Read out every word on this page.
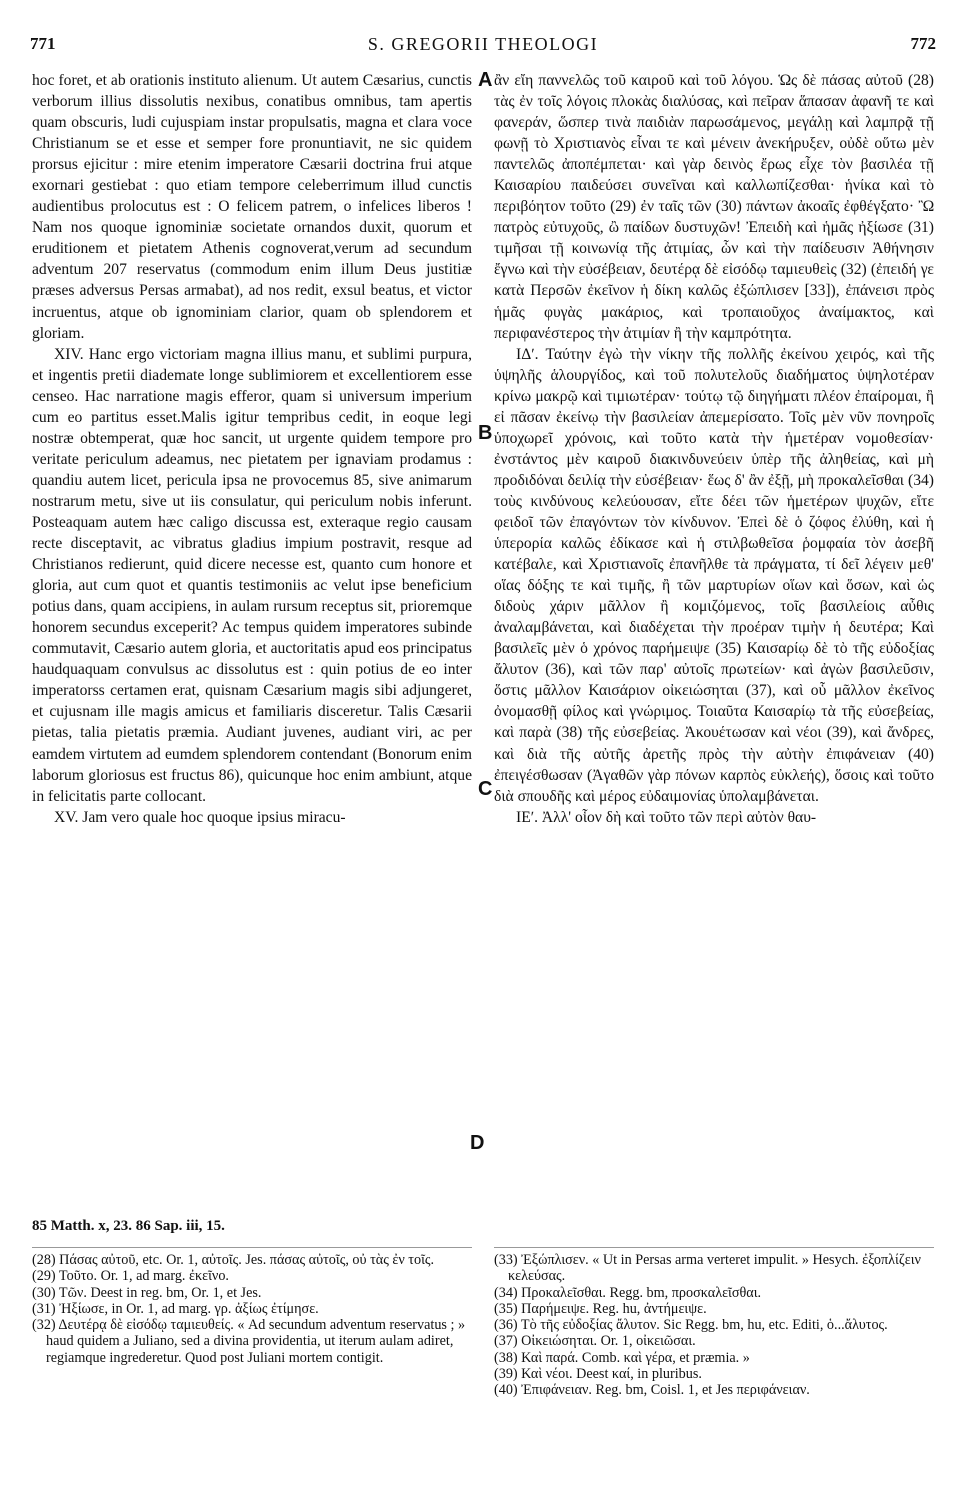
771	S. GREGORII THEOLOGI	772

hoc foret, et ab orationis instituto alienum. Ut autem Cæsarius, cunctis verborum illius dissolutis nexibus, conatibus omnibus, tam apertis quam obscuris, ludi cujuspiam instar propulsatis, magna et clara voce Christianum se et esse et semper fore pronuntiavit, ne sic quidem prorsus ejicitur : mire etenim imperatore Cæsarii doctrina frui atque exornari gestiebat : quo etiam tempore celeberrimum illud cunctis audientibus prolocutus est : O felicem patrem, o infelices liberos ! Nam nos quoque ignominiæ societate ornandos duxit, quorum et eruditionem et pietatem Athenis cognoverat,verum ad secundum adventum 207 reservatus (commodum enim illum Deus justitiæ præses adversus Persas armabat), ad nos redit, exsul beatus, et victor incruentus, atque ob ignominiam clarior, quam ob splendorem et gloriam.

XIV. Hanc ergo victoriam magna illius manu, et sublimi purpura, et ingentis pretii diademate longe sublimiorem et excellentiorem esse censeo. Hac narratione magis efferor, quam si universum imperium cum eo partitus esset.Malis igitur tempribus cedit, in eoque legi nostræ obtemperat, quæ hoc sancit, ut urgente quidem tempore pro veritate periculum adeamus, nec pietatem per ignaviam prodamus : quandiu autem licet, pericula ipsa ne provocemus 85, sive animarum nostrarum metu, sive ut iis consulatur, qui periculum nobis inferunt. Posteaquam autem hæc caligo discussa est, exteraque regio causam recte disceptavit, ac vibratus gladius impium postravit, resque ad Christianos redierunt, quid dicere necesse est, quanto cum honore et gloria, aut cum quot et quantis testimoniis ac velut ipse beneficium potius dans, quam accipiens, in aulam rursum receptus sit, prioremque honorem secundus exceperit? Ac tempus quidem imperatores subinde commutavit, Cæsario autem gloria, et auctoritatis apud eos principatus haudquaquam convulsus ac dissolutus est : quin potius de eo inter imperatorss certamen erat, quisnam Cæsarium magis sibi adjungeret, et cujusnam ille magis amicus et familiaris disceretur. Talis Cæsarii pietas, talia pietatis præmia. Audiant juvenes, audiant viri, ac per eamdem virtutem ad eumdem splendorem contendant (Bonorum enim laborum gloriosus est fructus 86), quicunque hoc enim ambiunt, atque in felicitatis parte collocant.

XV. Jam vero quale hoc quoque ipsius miracu-

A
B
C
D

ἂν εἴη παννελῶς τοῦ καιροῦ καὶ τοῦ λόγου. Ὡς δὲ πάσας αὐτοῦ (28) τὰς ἐν τοῖς λόγοις πλοκὰς διαλύσας, καὶ πεῖραν ἅπασαν ἀφανῆ τε καὶ φανεράν, ὥσπερ τινὰ παιδιὰν παρωσάμενος, μεγάλῃ καὶ λαμπρᾷ τῇ φωνῇ τὸ Χριστιανὸς εἶναι τε καὶ μένειν ἀνεκήρυξεν, οὐδὲ οὕτω μὲν παντελῶς ἀποπέμπεται· καὶ γὰρ δεινὸς ἔρως εἶχε τὸν βασιλέα τῇ Καισαρίου παιδεύσει συνεῖναι καὶ καλλωπίζεσθαι· ἡνίκα καὶ τὸ περιβόητον τοῦτο (29) ἐν ταῖς τῶν (30) πάντων ἀκοαῖς ἐφθέγξατο· Ὢ πατρὸς εὐτυχοῦς, ὢ παίδων δυστυχῶν! Ἐπειδὴ καὶ ἡμᾶς ἠξίωσε (31) τιμῆσαι τῇ κοινωνίᾳ τῆς ἀτιμίας, ὧν καὶ τὴν παίδευσιν Ἀθήνησιν ἔγνω καὶ τὴν εὐσέβειαν, δευτέρᾳ δὲ εἰσόδῳ ταμιευθεὶς (32) (ἐπειδή γε κατὰ Περσῶν ἐκεῖνον ἡ δίκη καλῶς ἐξώπλισεν [33]), ἐπάνεισι πρὸς ἡμᾶς φυγὰς μακάριος, καὶ τροπαιοῦχος ἀναίμακτος, καὶ περιφανέστερος τὴν ἀτιμίαν ἢ τὴν καμπρότητα.

ΙΔʹ. Ταύτην ἐγὼ τὴν νίκην τῆς πολλῆς ἐκείνου χειρός, καὶ τῆς ὑψηλῆς ἁλουργίδος, καὶ τοῦ πολυτελοῦς διαδήματος ὑψηλοτέραν κρίνω μακρῷ καὶ τιμιωτέραν· τούτῳ τῷ διηγήματι πλέον ἐπαίρομαι, ἢ εἰ πᾶσαν ἐκείνῳ τὴν βασιλείαν ἀπεμερίσατο. Τοῖς μὲν νῦν πονηροῖς ὑποχωρεῖ χρόνοις, καὶ τοῦτο κατὰ τὴν ἡμετέραν νομοθεσίαν· ἐνστάντος μὲν καιροῦ διακινδυνεύειν ὑπὲρ τῆς ἀληθείας, καὶ μὴ προδιδόναι δειλίᾳ τὴν εὐσέβειαν· ἕως δ' ἂν ἐξῇ, μὴ προκαλεῖσθαι (34) τοὺς κινδύνους κελεύουσαν, εἴτε δέει τῶν ἡμετέρων ψυχῶν, εἴτε φειδοῖ τῶν ἐπαγόντων τὸν κίνδυνον. Ἐπεὶ δὲ ὁ ζόφος ἐλύθη, καὶ ἡ ὑπερορία καλῶς ἐδίκασε καὶ ἡ στιλβωθεῖσα ῥομφαία τὸν ἀσεβῆ κατέβαλε, καὶ Χριστιανοῖς ἐπανῆλθε τὰ πράγματα, τί δεῖ λέγειν μεθ' οἵας δόξης τε καὶ τιμῆς, ἢ τῶν μαρτυρίων οἵων καὶ ὅσων, καὶ ὡς διδοὺς χάριν μᾶλλον ἢ κομιζόμενος, τοῖς βασιλείοις αὖθις ἀναλαμβάνεται, καὶ διαδέχεται τὴν προέραν τιμὴν ἡ δευτέρα; Καὶ βασιλεῖς μὲν ὁ χρόνος παρήμειψε (35) Καισαρίῳ δὲ τὸ τῆς εὐδοξίας ἄλυτον (36), καὶ τῶν παρ' αὐτοῖς πρωτείων· καὶ ἀγὼν βασιλεῦσιν, ὅστις μᾶλλον Καισάριον οἰκειώσηται (37), καὶ οὗ μᾶλλον ἐκεῖνος ὀνομασθῇ φίλος καὶ γνώριμος. Τοιαῦτα Καισαρίῳ τὰ τῆς εὐσεβείας, καὶ παρὰ (38) τῆς εὐσεβείας. Ἀκουέτωσαν καὶ νέοι (39), καὶ ἄνδρες, καὶ διὰ τῆς αὐτῆς ἀρετῆς πρὸς τὴν αὐτὴν ἐπιφάνειαν (40) ἐπειγέσθωσαν (Ἀγαθῶν γὰρ πόνων καρπὸς εὐκλεής), ὅσοις καὶ τοῦτο διὰ σπουδῆς καὶ μέρος εὐδαιμονίας ὑπολαμβάνεται.

ΙΕʹ. Ἀλλ' οἷον δὴ καὶ τοῦτο τῶν περὶ αὐτὸν θαυ-

85 Matth. x, 23. 86 Sap. iii, 15.

(28) Πάσας αὐτοῦ, etc. Or. 1, αὐτοῖς. Jes. πάσας αὐτοῖς, οὐ τὰς ἐν τοῖς.

(29) Τοῦτο. Or. 1, ad marg. ἐκεῖνο.

(30) Τῶν. Deest in reg. bm, Or. 1, et Jes.

(31) Ἠξίωσε, in Or. 1, ad marg. γρ. ἀξίως ἐτίμησε.

(32) Δευτέρᾳ δὲ εἰσόδῳ ταμιευθείς. « Ad secundum adventum reservatus ; » haud quidem a Juliano, sed a divina providentia, ut iterum aulam adiret, regiamque ingrederetur. Quod post Juliani mortem contigit.

(33) Ἐξώπλισεν. « Ut in Persas arma verteret impulit. » Hesych. ἐξοπλίζειν κελεύσας.

(34) Προκαλεῖσθαι. Regg. bm, προσκαλεῖσθαι.

(35) Παρήμειψε. Reg. hu, ἀντήμειψε.

(36) Τὸ τῆς εὐδοξίας ἄλυτον. Sic Regg. bm, hu, etc. Editi, ὁ...ἄλυτος.

(37) Οἰκειώσηται. Or. 1, οἰκειῶσαι.

(38) Καὶ παρά. Comb. καὶ γέρα, et præmia. »

(39) Καὶ νέοι. Deest καί, in pluribus.

(40) Ἐπιφάνειαν. Reg. bm, Coisl. 1, et Jes περιφάνειαν.
